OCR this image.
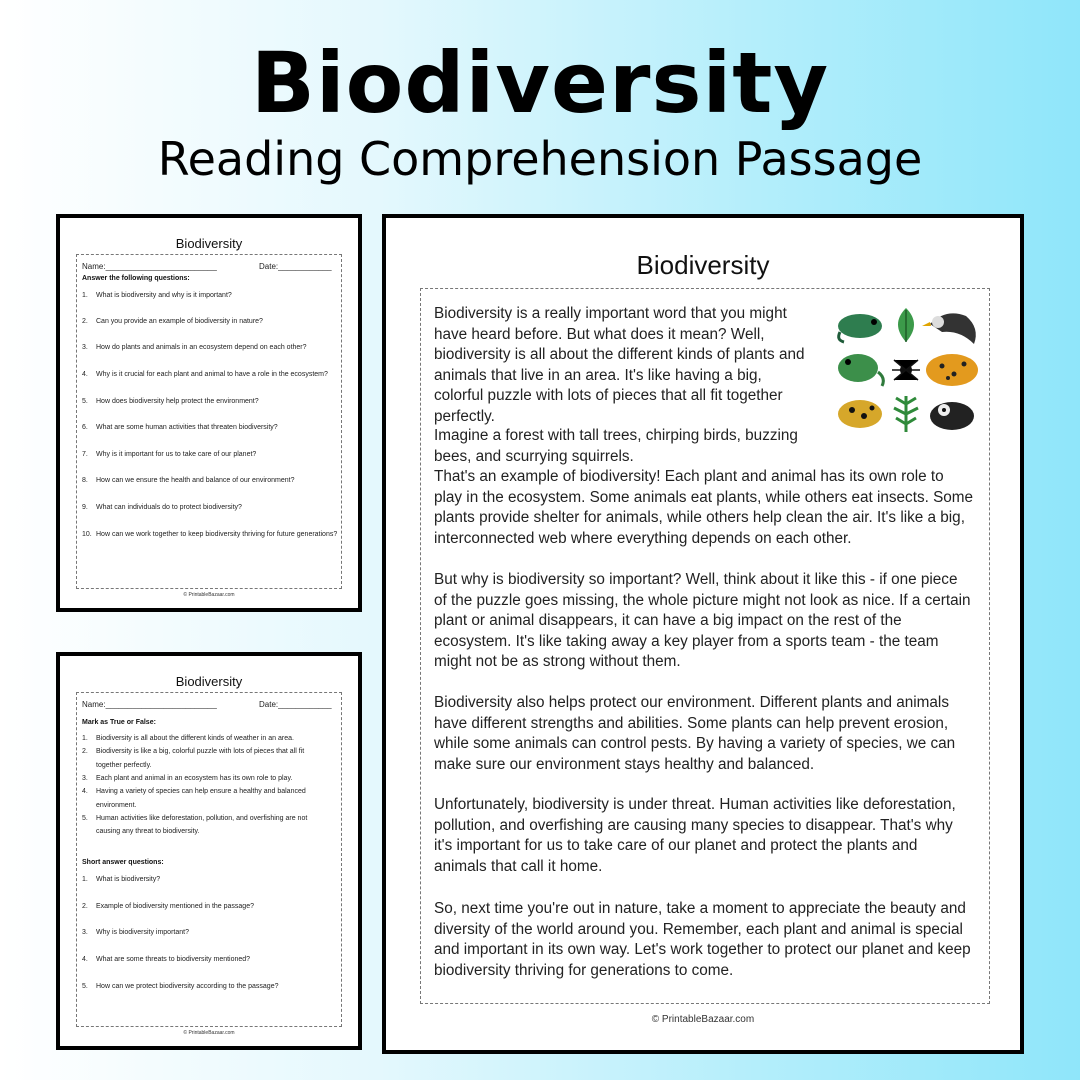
Biodiversity
Reading Comprehension Passage
Biodiversity
Name:_________________________	Date:____________
Answer the following questions:
1. What is biodiversity and why is it important?
2. Can you provide an example of biodiversity in nature?
3. How do plants and animals in an ecosystem depend on each other?
4. Why is it crucial for each plant and animal to have a role in the ecosystem?
5. How does biodiversity help protect the environment?
6. What are some human activities that threaten biodiversity?
7. Why is it important for us to take care of our planet?
8. How can we ensure the health and balance of our environment?
9. What can individuals do to protect biodiversity?
10. How can we work together to keep biodiversity thriving for future generations?
© PrintableBazaar.com
Biodiversity
Name:_________________________	Date:____________
Mark as True or False:
1. Biodiversity is all about the different kinds of weather in an area.
2. Biodiversity is like a big, colorful puzzle with lots of pieces that all fit
together perfectly.
3. Each plant and animal in an ecosystem has its own role to play.
4. Having a variety of species can help ensure a healthy and balanced
environment.
5. Human activities like deforestation, pollution, and overfishing are not
causing any threat to biodiversity.
Short answer questions:
1. What is biodiversity?
2. Example of biodiversity mentioned in the passage?
3. Why is biodiversity important?
4. What are some threats to biodiversity mentioned?
5. How can we protect biodiversity according to the passage?
© PrintableBazaar.com
Biodiversity
Biodiversity is a really important word that you might have heard before. But what does it mean? Well, biodiversity is all about the different kinds of plants and animals that live in an area. It's like having a big, colorful puzzle with lots of pieces that all fit together perfectly.
Imagine a forest with tall trees, chirping birds, buzzing bees, and scurrying squirrels.
That's an example of biodiversity! Each plant and animal has its own role to play in the ecosystem. Some animals eat plants, while others eat insects. Some plants provide shelter for animals, while others help clean the air. It's like a big, interconnected web where everything depends on each other.
But why is biodiversity so important? Well, think about it like this - if one piece of the puzzle goes missing, the whole picture might not look as nice. If a certain plant or animal disappears, it can have a big impact on the rest of the ecosystem. It's like taking away a key player from a sports team - the team might not be as strong without them.
Biodiversity also helps protect our environment. Different plants and animals have different strengths and abilities. Some plants can help prevent erosion, while some animals can control pests. By having a variety of species, we can make sure our environment stays healthy and balanced.
Unfortunately, biodiversity is under threat. Human activities like deforestation, pollution, and overfishing are causing many species to disappear. That's why it's important for us to take care of our planet and protect the plants and animals that call it home.
So, next time you're out in nature, take a moment to appreciate the beauty and diversity of the world around you. Remember, each plant and animal is special and important in its own way. Let's work together to protect our planet and keep biodiversity thriving for generations to come.
© PrintableBazaar.com
